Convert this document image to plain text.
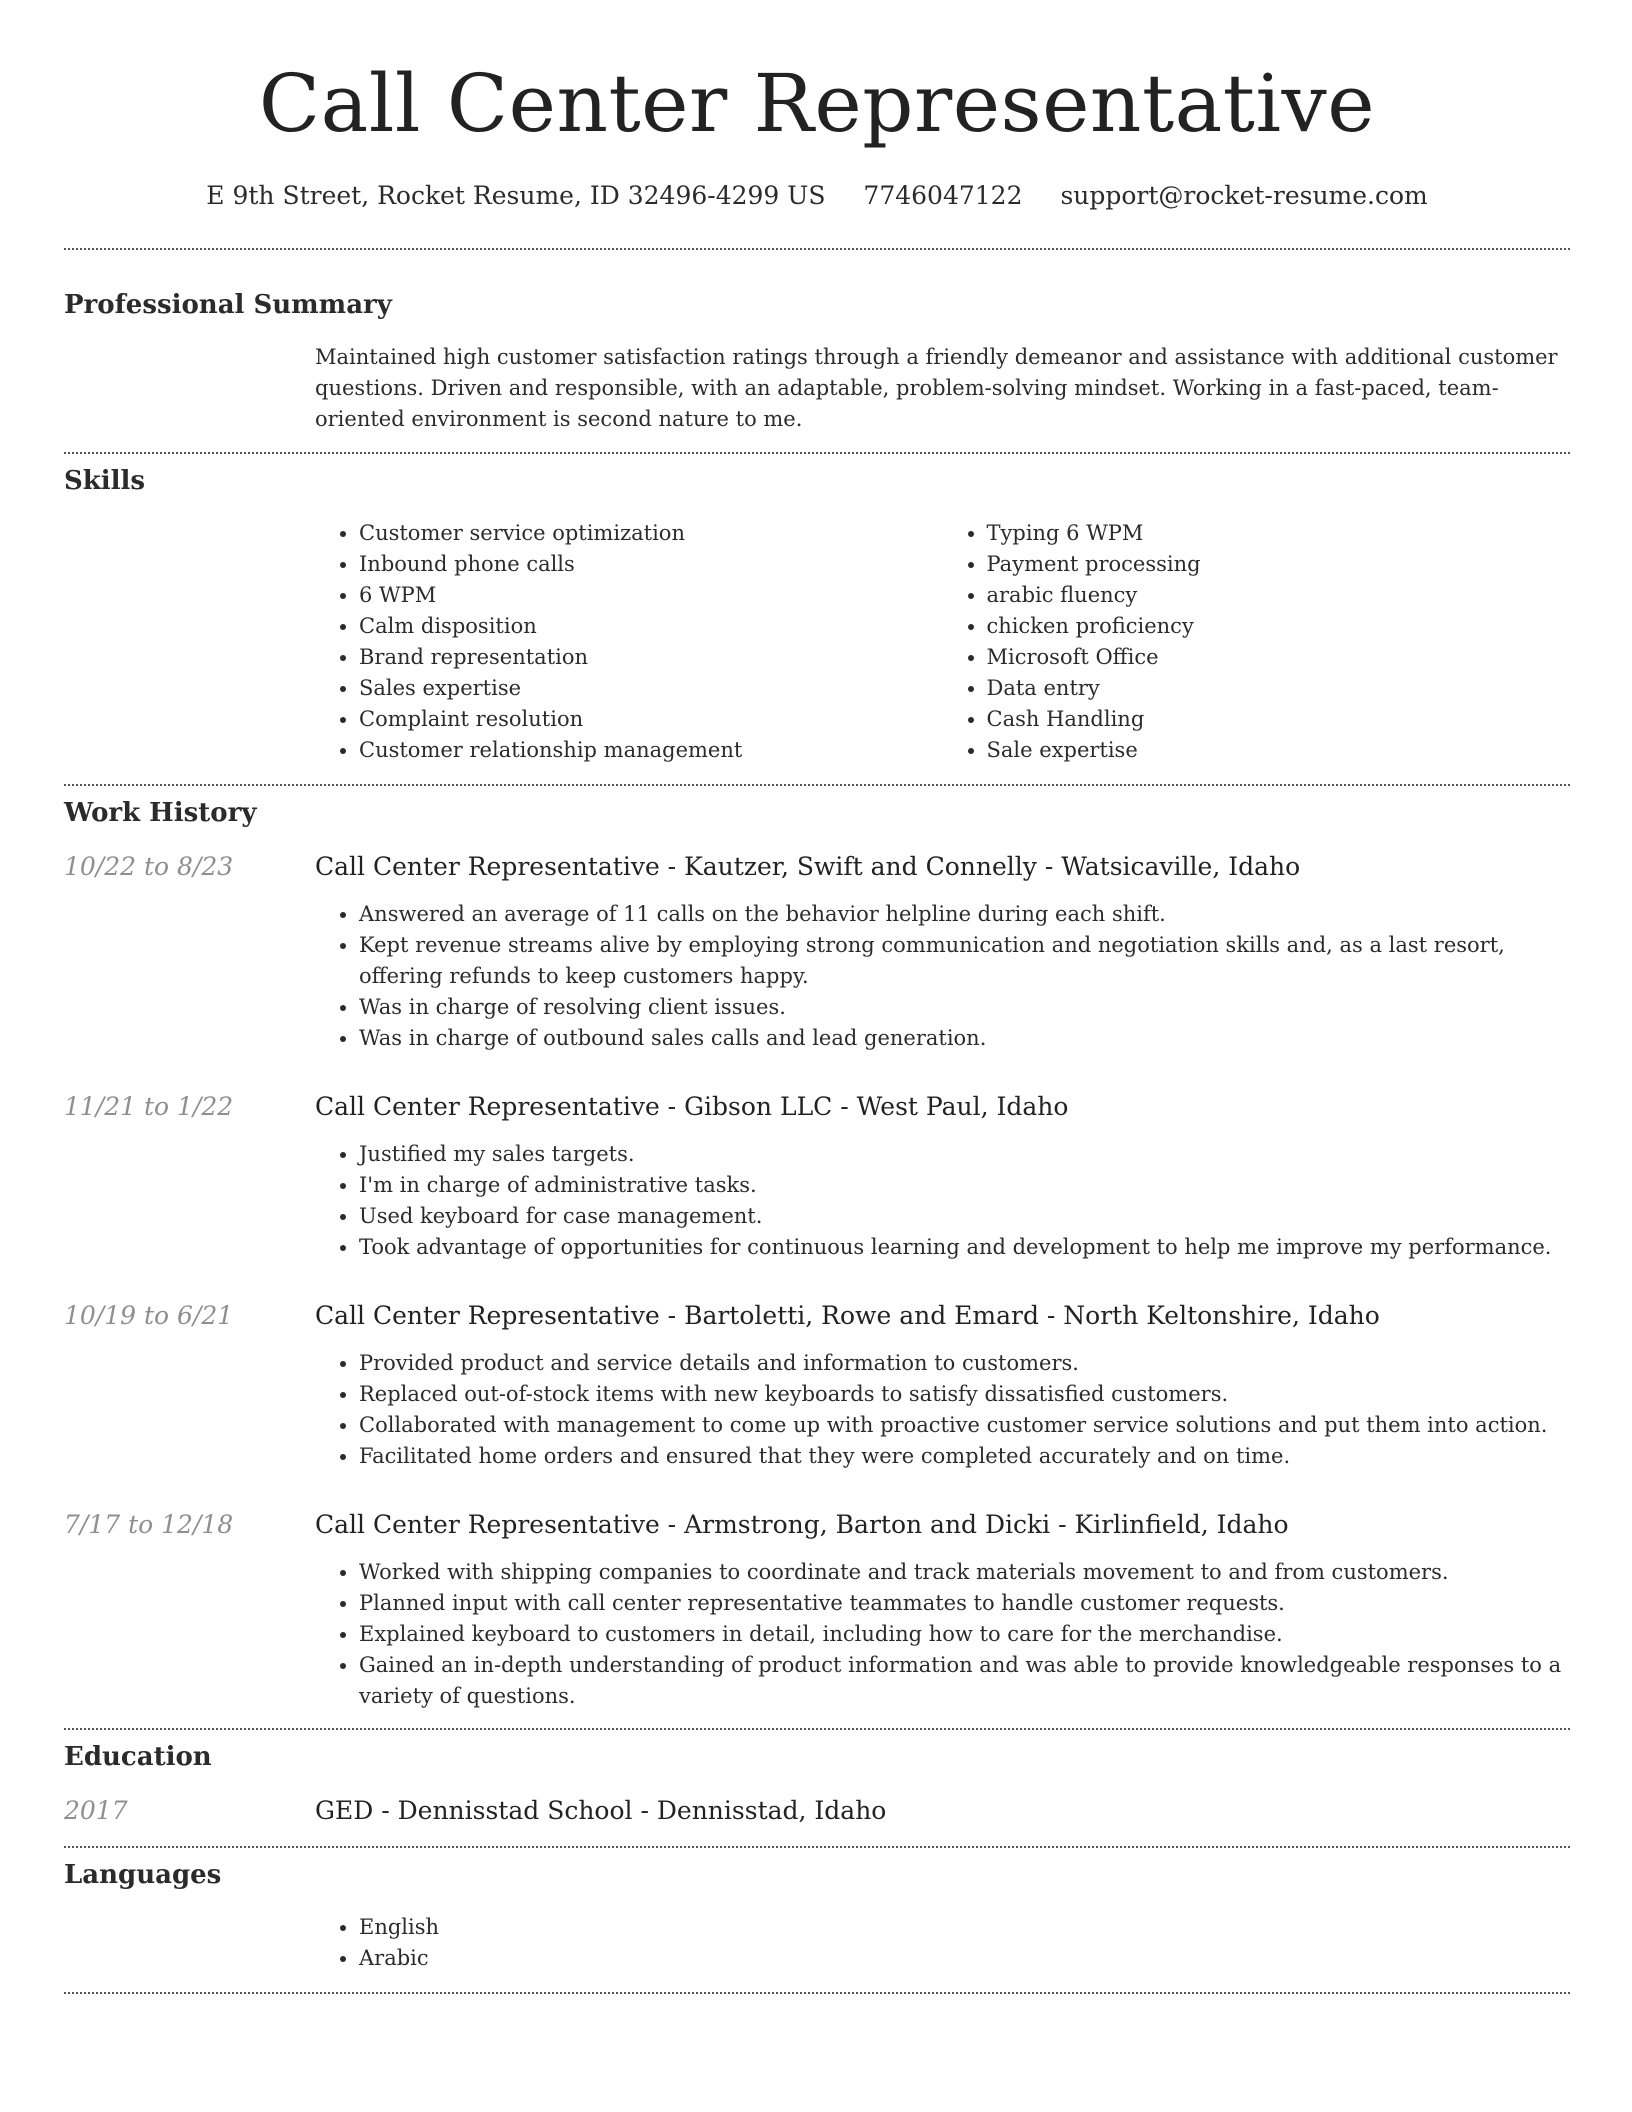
Call Center Representative
E 9th Street, Rocket Resume, ID 32496-4299 US 7746047122 support@rocket-resume.com
Professional Summary
Maintained high customer satisfaction ratings through a friendly demeanor and assistance with additional customer questions. Driven and responsible, with an adaptable, problem-solving mindset. Working in a fast-paced, team-oriented environment is second nature to me.
Skills
• Customer service optimization
• Inbound phone calls
• 6 WPM
• Calm disposition
• Brand representation
• Sales expertise
• Complaint resolution
• Customer relationship management
• Typing 6 WPM
• Payment processing
• arabic fluency
• chicken proficiency
• Microsoft Office
• Data entry
• Cash Handling
• Sale expertise
Work History
10/22 to 8/23	Call Center Representative - Kautzer, Swift and Connelly - Watsicaville, Idaho
• Answered an average of 11 calls on the behavior helpline during each shift.
• Kept revenue streams alive by employing strong communication and negotiation skills and, as a last resort, offering refunds to keep customers happy.
• Was in charge of resolving client issues.
• Was in charge of outbound sales calls and lead generation.
11/21 to 1/22	Call Center Representative - Gibson LLC - West Paul, Idaho
• Justified my sales targets.
• I'm in charge of administrative tasks.
• Used keyboard for case management.
• Took advantage of opportunities for continuous learning and development to help me improve my performance.
10/19 to 6/21	Call Center Representative - Bartoletti, Rowe and Emard - North Keltonshire, Idaho
• Provided product and service details and information to customers.
• Replaced out-of-stock items with new keyboards to satisfy dissatisfied customers.
• Collaborated with management to come up with proactive customer service solutions and put them into action.
• Facilitated home orders and ensured that they were completed accurately and on time.
7/17 to 12/18	Call Center Representative - Armstrong, Barton and Dicki - Kirlinfield, Idaho
• Worked with shipping companies to coordinate and track materials movement to and from customers.
• Planned input with call center representative teammates to handle customer requests.
• Explained keyboard to customers in detail, including how to care for the merchandise.
• Gained an in-depth understanding of product information and was able to provide knowledgeable responses to a variety of questions.
Education
2017	GED - Dennisstad School - Dennisstad, Idaho
Languages
• English
• Arabic
